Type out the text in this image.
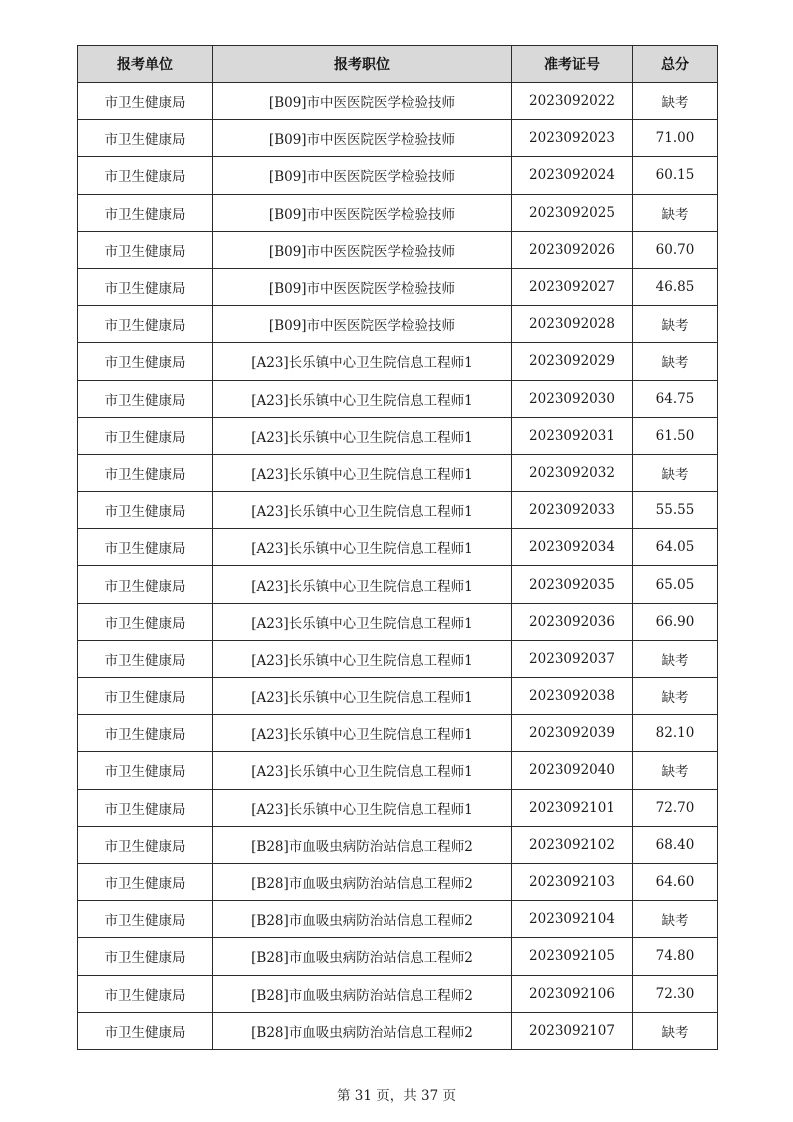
报考单位	报考职位	准考证号	总分
市卫生健康局	[B09]市中医医院医学检验技师	2023092022	缺考
市卫生健康局	[B09]市中医医院医学检验技师	2023092023	71.00
市卫生健康局	[B09]市中医医院医学检验技师	2023092024	60.15
市卫生健康局	[B09]市中医医院医学检验技师	2023092025	缺考
市卫生健康局	[B09]市中医医院医学检验技师	2023092026	60.70
市卫生健康局	[B09]市中医医院医学检验技师	2023092027	46.85
市卫生健康局	[B09]市中医医院医学检验技师	2023092028	缺考
市卫生健康局	[A23]长乐镇中心卫生院信息工程师1	2023092029	缺考
市卫生健康局	[A23]长乐镇中心卫生院信息工程师1	2023092030	64.75
市卫生健康局	[A23]长乐镇中心卫生院信息工程师1	2023092031	61.50
市卫生健康局	[A23]长乐镇中心卫生院信息工程师1	2023092032	缺考
市卫生健康局	[A23]长乐镇中心卫生院信息工程师1	2023092033	55.55
市卫生健康局	[A23]长乐镇中心卫生院信息工程师1	2023092034	64.05
市卫生健康局	[A23]长乐镇中心卫生院信息工程师1	2023092035	65.05
市卫生健康局	[A23]长乐镇中心卫生院信息工程师1	2023092036	66.90
市卫生健康局	[A23]长乐镇中心卫生院信息工程师1	2023092037	缺考
市卫生健康局	[A23]长乐镇中心卫生院信息工程师1	2023092038	缺考
市卫生健康局	[A23]长乐镇中心卫生院信息工程师1	2023092039	82.10
市卫生健康局	[A23]长乐镇中心卫生院信息工程师1	2023092040	缺考
市卫生健康局	[A23]长乐镇中心卫生院信息工程师1	2023092101	72.70
市卫生健康局	[B28]市血吸虫病防治站信息工程师2	2023092102	68.40
市卫生健康局	[B28]市血吸虫病防治站信息工程师2	2023092103	64.60
市卫生健康局	[B28]市血吸虫病防治站信息工程师2	2023092104	缺考
市卫生健康局	[B28]市血吸虫病防治站信息工程师2	2023092105	74.80
市卫生健康局	[B28]市血吸虫病防治站信息工程师2	2023092106	72.30
市卫生健康局	[B28]市血吸虫病防治站信息工程师2	2023092107	缺考
第 31 页，共 37 页
